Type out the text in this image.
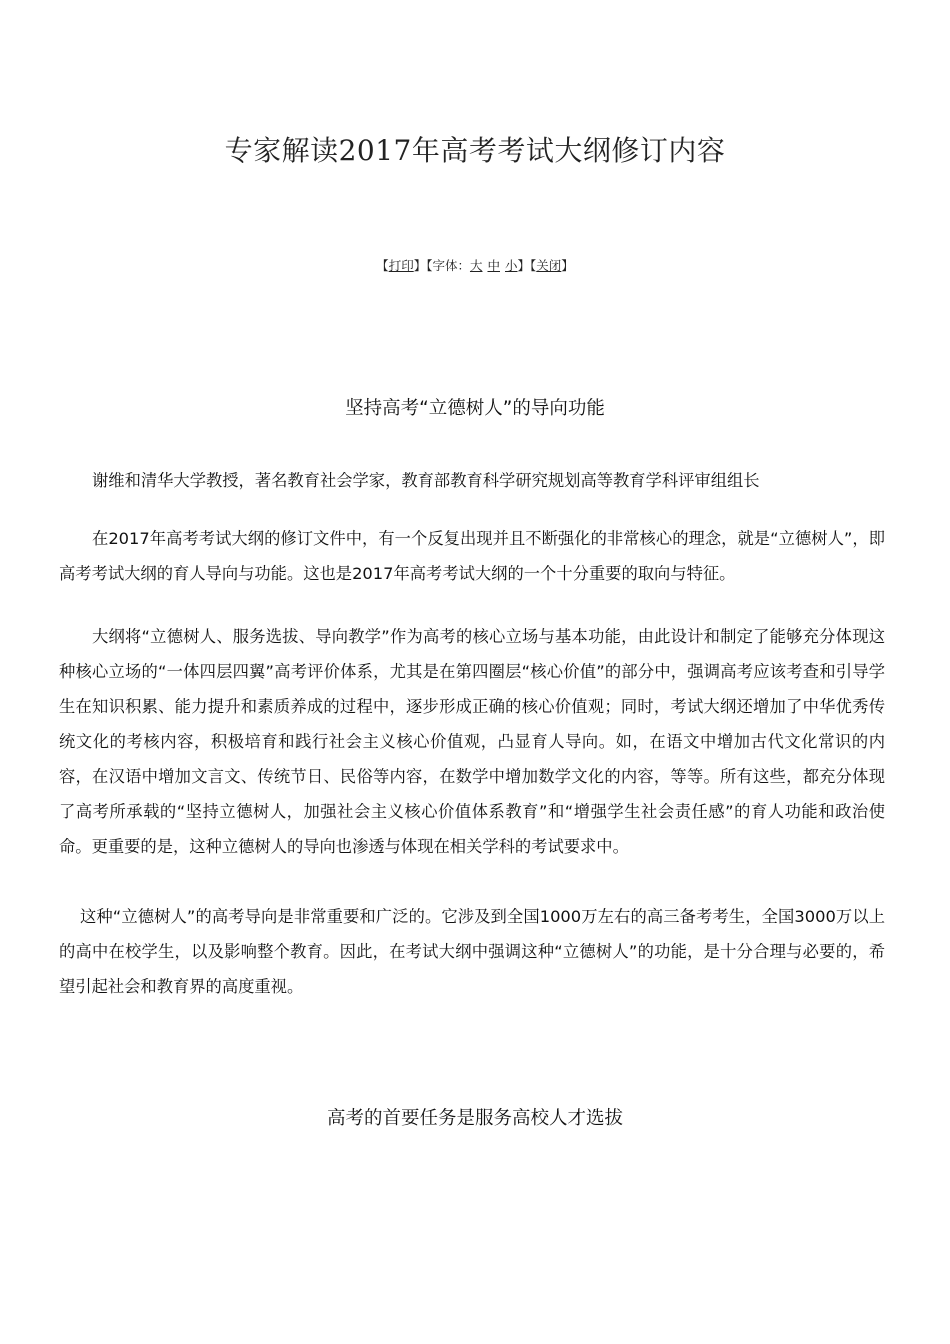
专家解读2017年高考考试大纲修订内容
【打印】【字体：大 中 小】【关闭】
坚持高考“立德树人”的导向功能

谢维和清华大学教授，著名教育社会学家，教育部教育科学研究规划高等教育学科评审组组长

在2017年高考考试大纲的修订文件中，有一个反复出现并且不断强化的非常核心的理念，就是“立德树人”，即高考考试大纲的育人导向与功能。这也是2017年高考考试大纲的一个十分重要的取向与特征。

大纲将“立德树人、服务选拔、导向教学”作为高考的核心立场与基本功能，由此设计和制定了能够充分体现这种核心立场的“一体四层四翼”高考评价体系，尤其是在第四圈层“核心价值”的部分中，强调高考应该考查和引导学生在知识积累、能力提升和素质养成的过程中，逐步形成正确的核心价值观；同时，考试大纲还增加了中华优秀传统文化的考核内容，积极培育和践行社会主义核心价值观，凸显育人导向。如，在语文中增加古代文化常识的内容，在汉语中增加文言文、传统节日、民俗等内容，在数学中增加数学文化的内容，等等。所有这些，都充分体现了高考所承载的“坚持立德树人，加强社会主义核心价值体系教育”和“增强学生社会责任感”的育人功能和政治使命。更重要的是，这种立德树人的导向也渗透与体现在相关学科的考试要求中。

这种“立德树人”的高考导向是非常重要和广泛的。它涉及到全国1000万左右的高三备考考生，全国3000万以上的高中在校学生，以及影响整个教育。因此，在考试大纲中强调这种“立德树人”的功能，是十分合理与必要的，希望引起社会和教育界的高度重视。

高考的首要任务是服务高校人才选拔
